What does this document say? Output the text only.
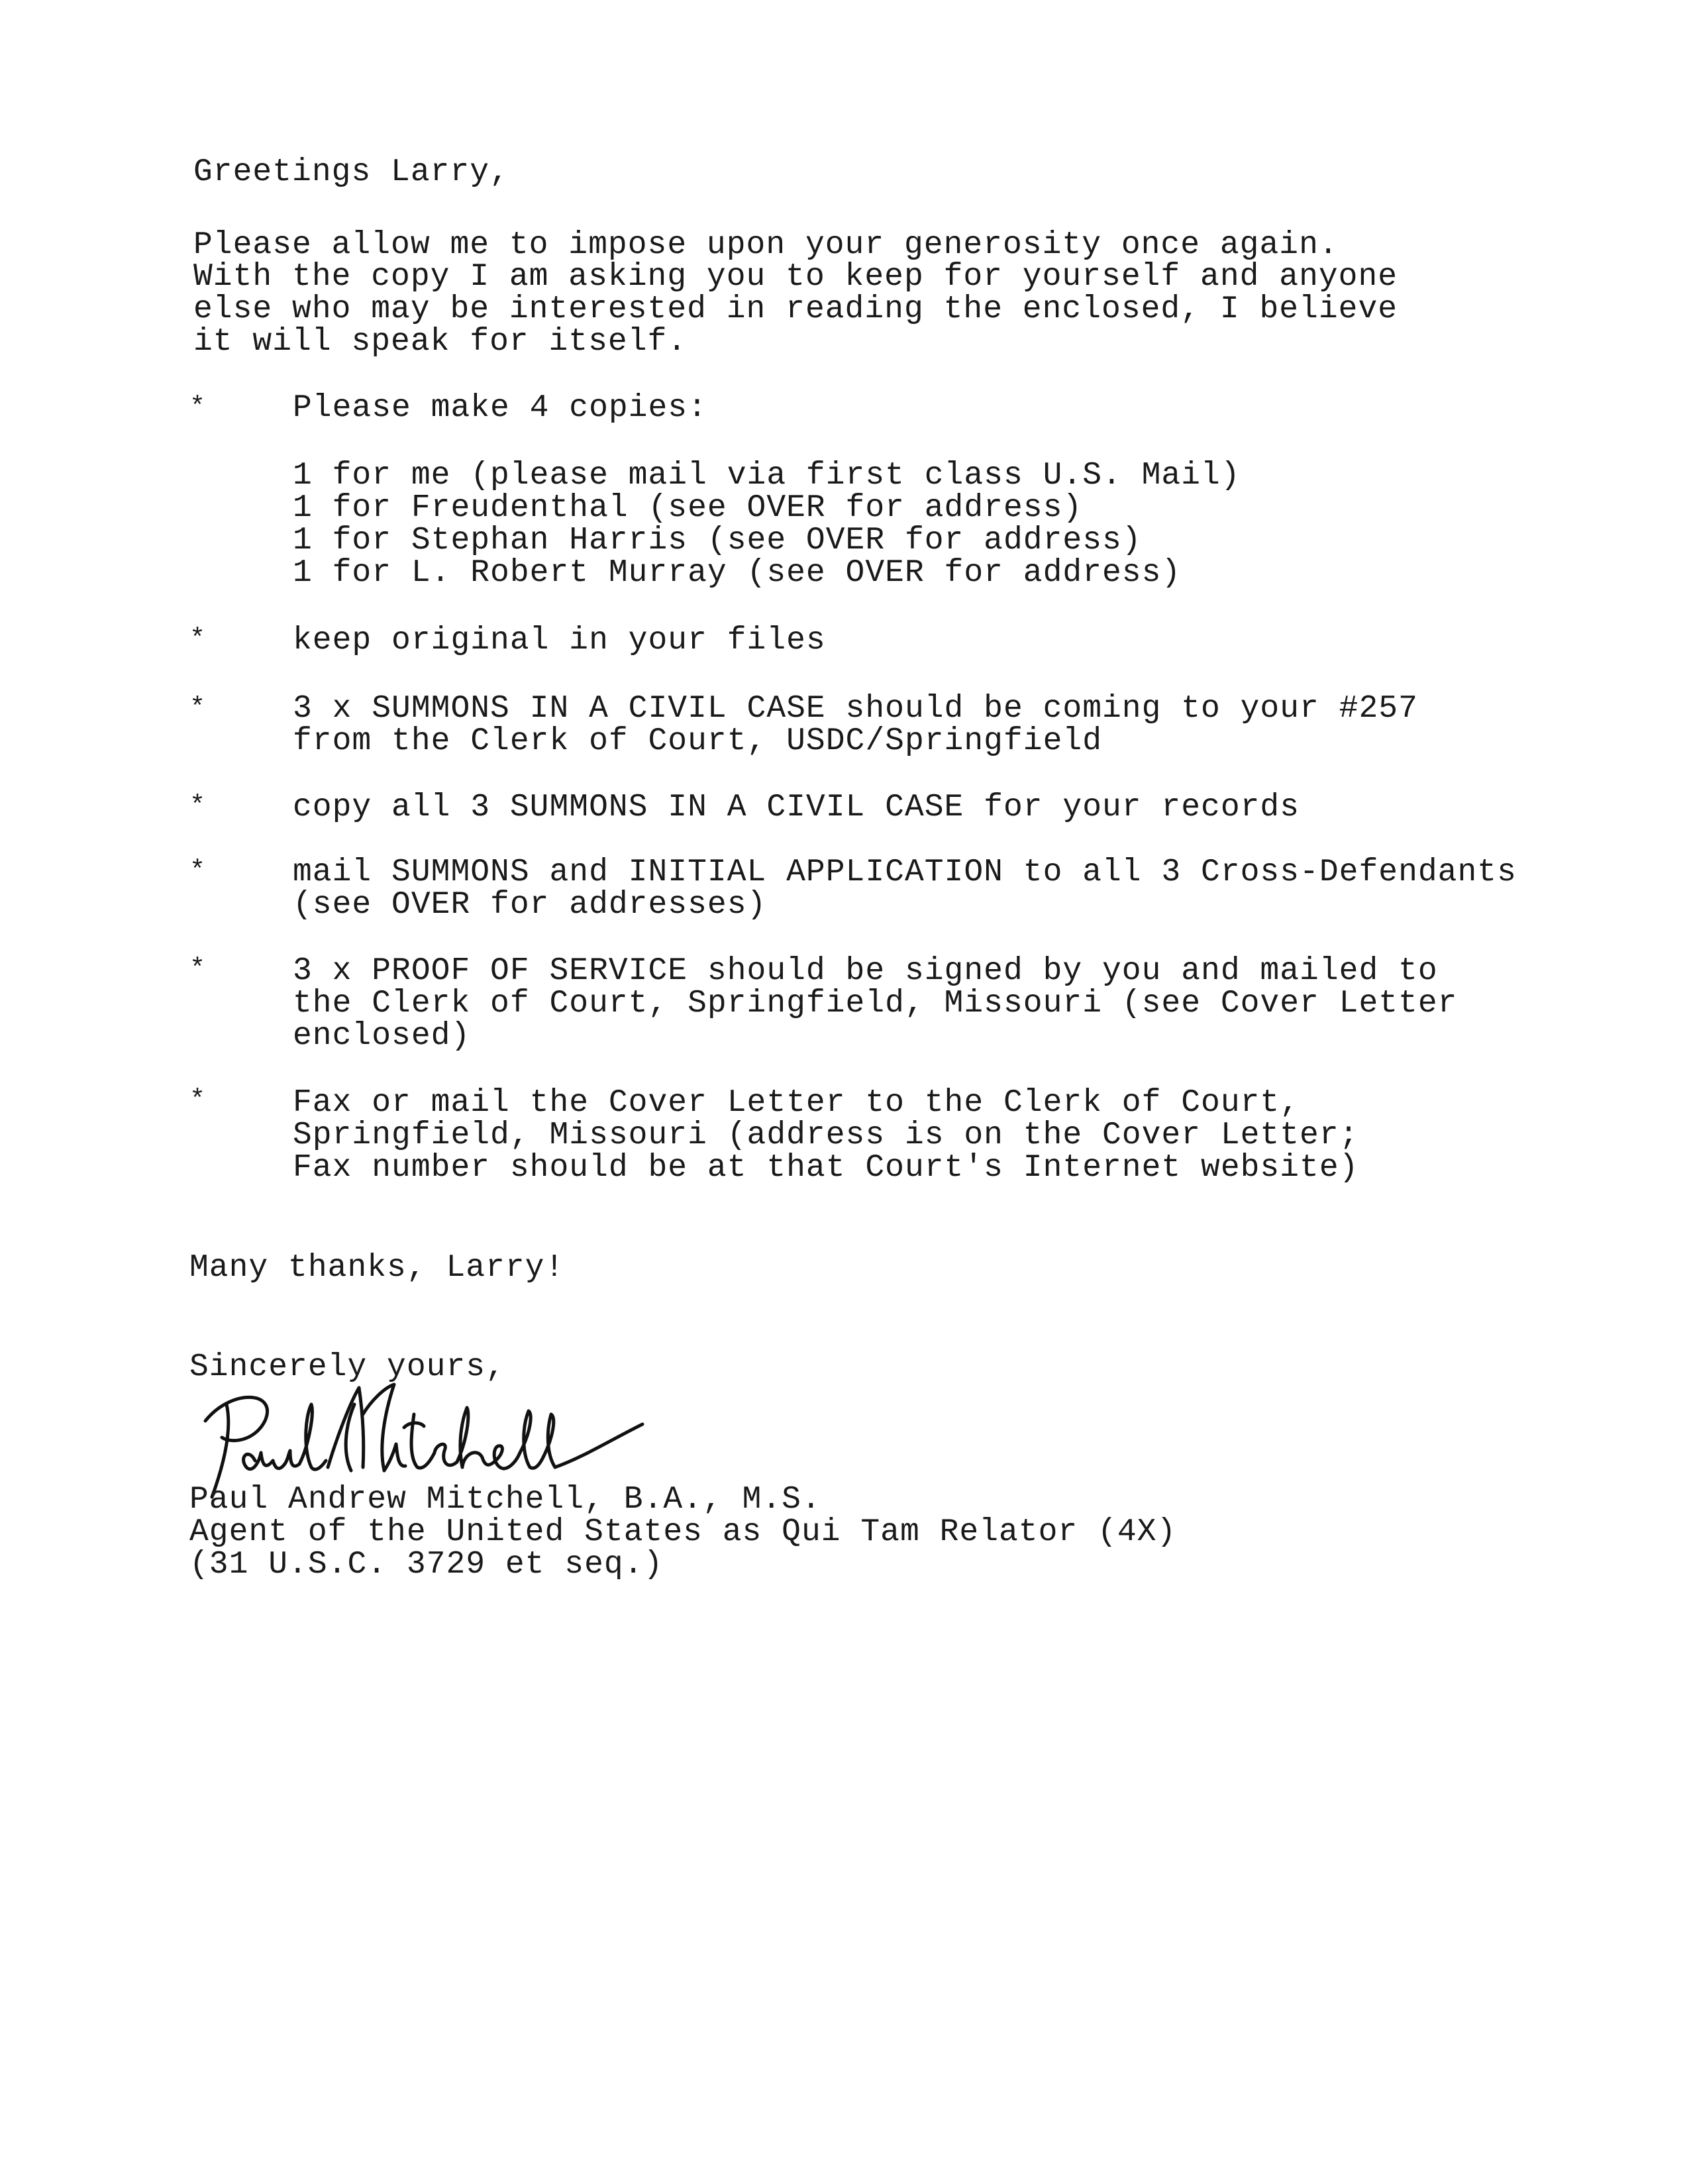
Greetings Larry,
Please allow me to impose upon your generosity once again.
With the copy I am asking you to keep for yourself and anyone
else who may be interested in reading the enclosed, I believe
it will speak for itself.
*	Please make 4 copies:
1 for me (please mail via first class U.S. Mail)
1 for Freudenthal (see OVER for address)
1 for Stephan Harris (see OVER for address)
1 for L. Robert Murray (see OVER for address)
*	keep original in your files
*	3 x SUMMONS IN A CIVIL CASE should be coming to your #257
from the Clerk of Court, USDC/Springfield
*	copy all 3 SUMMONS IN A CIVIL CASE for your records
*	mail SUMMONS and INITIAL APPLICATION to all 3 Cross-Defendants
(see OVER for addresses)
*	3 x PROOF OF SERVICE should be signed by you and mailed to
the Clerk of Court, Springfield, Missouri (see Cover Letter
enclosed)
*	Fax or mail the Cover Letter to the Clerk of Court,
Springfield, Missouri (address is on the Cover Letter;
Fax number should be at that Court's Internet website)
Many thanks, Larry!
Sincerely yours,
Paul Andrew Mitchell, B.A., M.S.
Agent of the United States as Qui Tam Relator (4X)
(31 U.S.C. 3729 et seq.)
